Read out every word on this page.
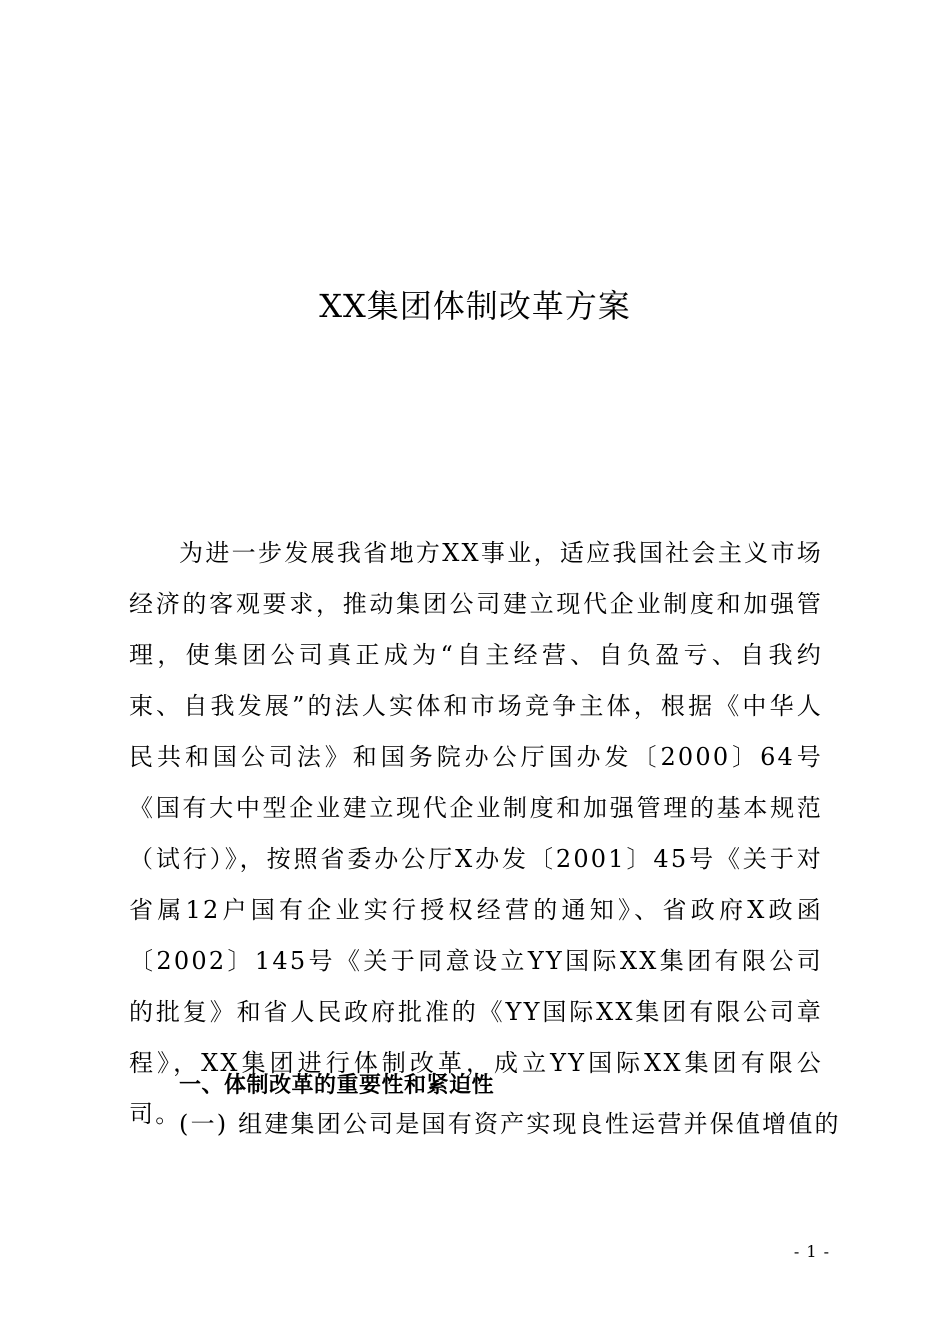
XX集团体制改革方案

为进一步发展我省地方XX事业，适应我国社会主义市场经济的客观要求，推动集团公司建立现代企业制度和加强管理，使集团公司真正成为“自主经营、自负盈亏、自我约束、自我发展”的法人实体和市场竞争主体，根据《中华人民共和国公司法》和国务院办公厅国办发〔2000〕64号《国有大中型企业建立现代企业制度和加强管理的基本规范（试行）》，按照省委办公厅X办发〔2001〕45号《关于对省属12户国有企业实行授权经营的通知》、省政府X政函〔2002〕145号《关于同意设立YY国际XX集团有限公司的批复》和省人民政府批准的《YY国际XX集团有限公司章程》，XX集团进行体制改革，成立YY国际XX集团有限公司。

一、体制改革的重要性和紧迫性

(一) 组建集团公司是国有资产实现良性运营并保值增值的

- 1 -
